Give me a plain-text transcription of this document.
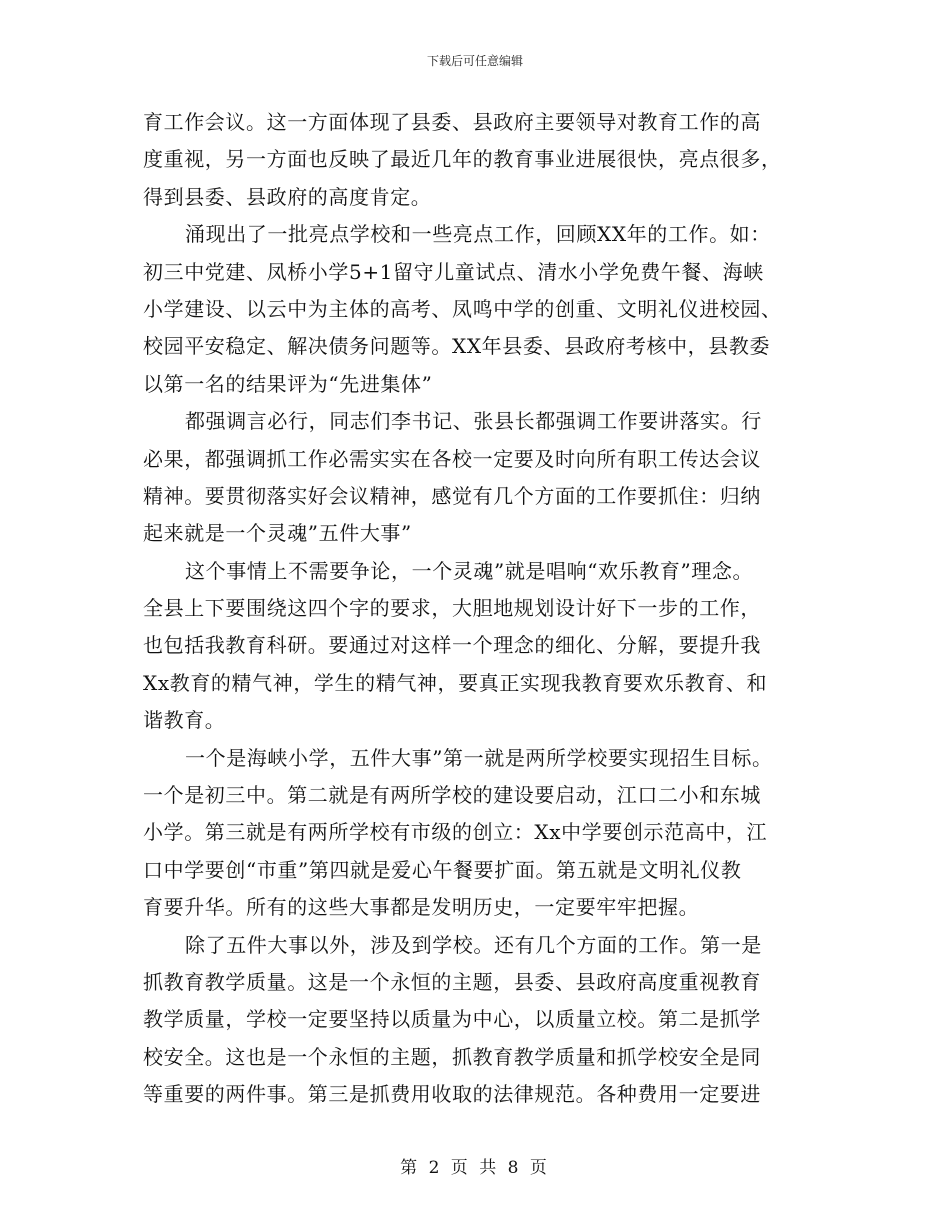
下载后可任意编辑
育工作会议。这一方面体现了县委、县政府主要领导对教育工作的高
度重视，另一方面也反映了最近几年的教育事业进展很快，亮点很多，
得到县委、县政府的高度肯定。
涌现出了一批亮点学校和一些亮点工作，回顾XX年的工作。如：
初三中党建、凤桥小学5+1留守儿童试点、清水小学免费午餐、海峡
小学建设、以云中为主体的高考、凤鸣中学的创重、文明礼仪进校园、
校园平安稳定、解决债务问题等。XX年县委、县政府考核中，县教委
以第一名的结果评为“先进集体”
都强调言必行，同志们李书记、张县长都强调工作要讲落实。行
必果，都强调抓工作必需实实在各校一定要及时向所有职工传达会议
精神。要贯彻落实好会议精神，感觉有几个方面的工作要抓住：归纳
起来就是一个灵魂”五件大事”
这个事情上不需要争论，一个灵魂”就是唱响“欢乐教育”理念。
全县上下要围绕这四个字的要求，大胆地规划设计好下一步的工作，
也包括我教育科研。要通过对这样一个理念的细化、分解，要提升我
Xx教育的精气神，学生的精气神，要真正实现我教育要欢乐教育、和
谐教育。
一个是海峡小学，五件大事”第一就是两所学校要实现招生目标。
一个是初三中。第二就是有两所学校的建设要启动，江口二小和东城
小学。第三就是有两所学校有市级的创立：Xx中学要创示范高中，江
口中学要创“市重”第四就是爱心午餐要扩面。第五就是文明礼仪教
育要升华。所有的这些大事都是发明历史，一定要牢牢把握。
除了五件大事以外，涉及到学校。还有几个方面的工作。第一是
抓教育教学质量。这是一个永恒的主题，县委、县政府高度重视教育
教学质量，学校一定要坚持以质量为中心，以质量立校。第二是抓学
校安全。这也是一个永恒的主题，抓教育教学质量和抓学校安全是同
等重要的两件事。第三是抓费用收取的法律规范。各种费用一定要进
第 2 页 共 8 页
